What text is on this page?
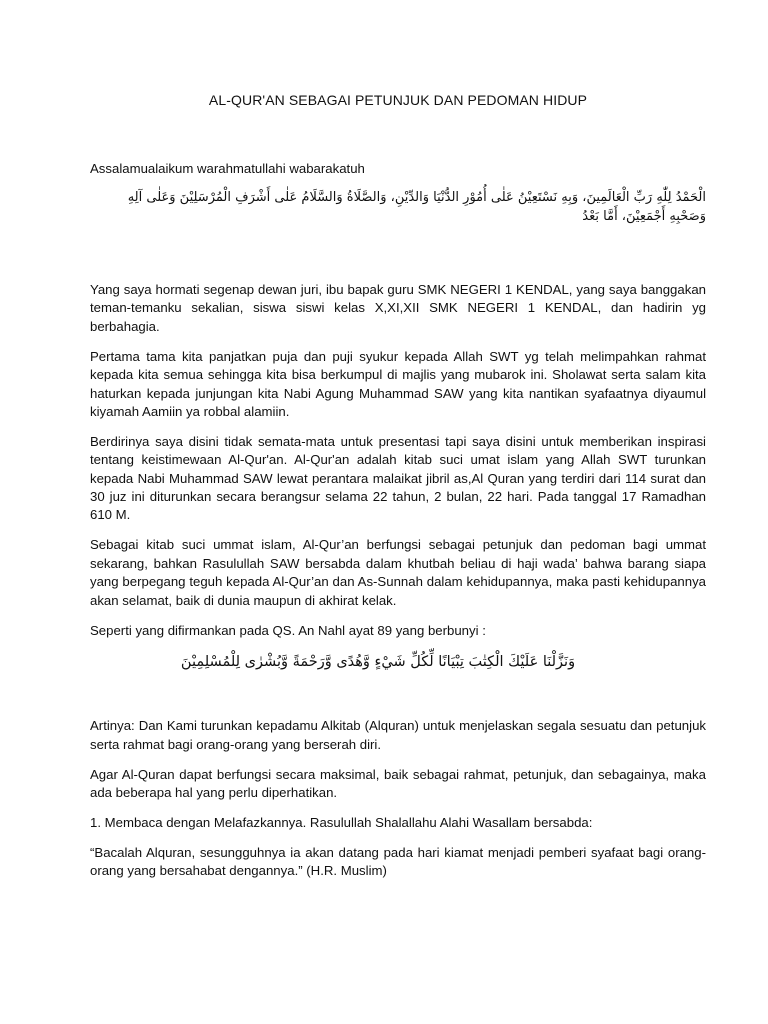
AL-QUR'AN SEBAGAI PETUNJUK DAN PEDOMAN HIDUP
Assalamualaikum warahmatullahi wabarakatuh
الْحَمْدُ لِلّٰهِ رَبِّ الْعَالَمِينَ، وَبِهِ نَسْتَعِيْنُ عَلٰى أُمُوْرِ الدُّنْيَا وَالدِّيْنِ، وَالصَّلَاةُ وَالسَّلَامُ عَلٰى أَشْرَفِ الْمُرْسَلِيْنَ وَعَلٰى آلِهِ وَصَحْبِهِ أَجْمَعِيْنَ، أَمَّا بَعْدُ

Yang saya hormati segenap dewan juri, ibu bapak guru SMK NEGERI 1 KENDAL, yang saya banggakan teman-temanku sekalian, siswa siswi kelas X,XI,XII SMK NEGERI 1 KENDAL, dan hadirin yg berbahagia.

Pertama tama kita panjatkan puja dan puji syukur kepada Allah SWT yg telah melimpahkan rahmat kepada kita semua sehingga kita bisa berkumpul di majlis yang mubarok ini. Sholawat serta salam kita haturkan kepada junjungan kita Nabi Agung Muhammad SAW yang kita nantikan syafaatnya diyaumul kiyamah Aamiin ya robbal alamiin.

Berdirinya saya disini tidak semata-mata untuk presentasi tapi saya disini untuk memberikan inspirasi tentang keistimewaan Al-Qur'an. Al-Qur'an adalah kitab suci umat islam yang Allah SWT turunkan kepada Nabi Muhammad SAW lewat perantara malaikat jibril as,Al Quran yang terdiri dari 114 surat dan 30 juz ini diturunkan secara berangsur selama 22 tahun, 2 bulan, 22 hari. Pada tanggal 17 Ramadhan 610 M.

Sebagai kitab suci ummat islam, Al-Qur’an berfungsi sebagai petunjuk dan pedoman bagi ummat sekarang, bahkan Rasulullah SAW bersabda dalam khutbah beliau di haji wada’ bahwa barang siapa yang berpegang teguh kepada Al-Qur’an dan As-Sunnah dalam kehidupannya, maka pasti kehidupannya akan selamat, baik di dunia maupun di akhirat kelak.

Seperti yang difirmankan pada QS. An Nahl ayat 89 yang berbunyi :

وَنَزَّلْنَا عَلَيْكَ الْكِتٰبَ تِبْيَانًا لِّكُلِّ شَيْءٍ وَّهُدًى وَّرَحْمَةً وَّبُشْرٰى لِلْمُسْلِمِيْنَ

Artinya: Dan Kami turunkan kepadamu Alkitab (Alquran) untuk menjelaskan segala sesuatu dan petunjuk serta rahmat bagi orang-orang yang berserah diri.

Agar Al-Quran dapat berfungsi secara maksimal, baik sebagai rahmat, petunjuk, dan sebagainya, maka ada beberapa hal yang perlu diperhatikan.

1. Membaca dengan Melafazkannya. Rasulullah Shalallahu Alahi Wasallam bersabda:

“Bacalah Alquran, sesungguhnya ia akan datang pada hari kiamat menjadi pemberi syafaat bagi orang-orang yang bersahabat dengannya.” (H.R. Muslim)
